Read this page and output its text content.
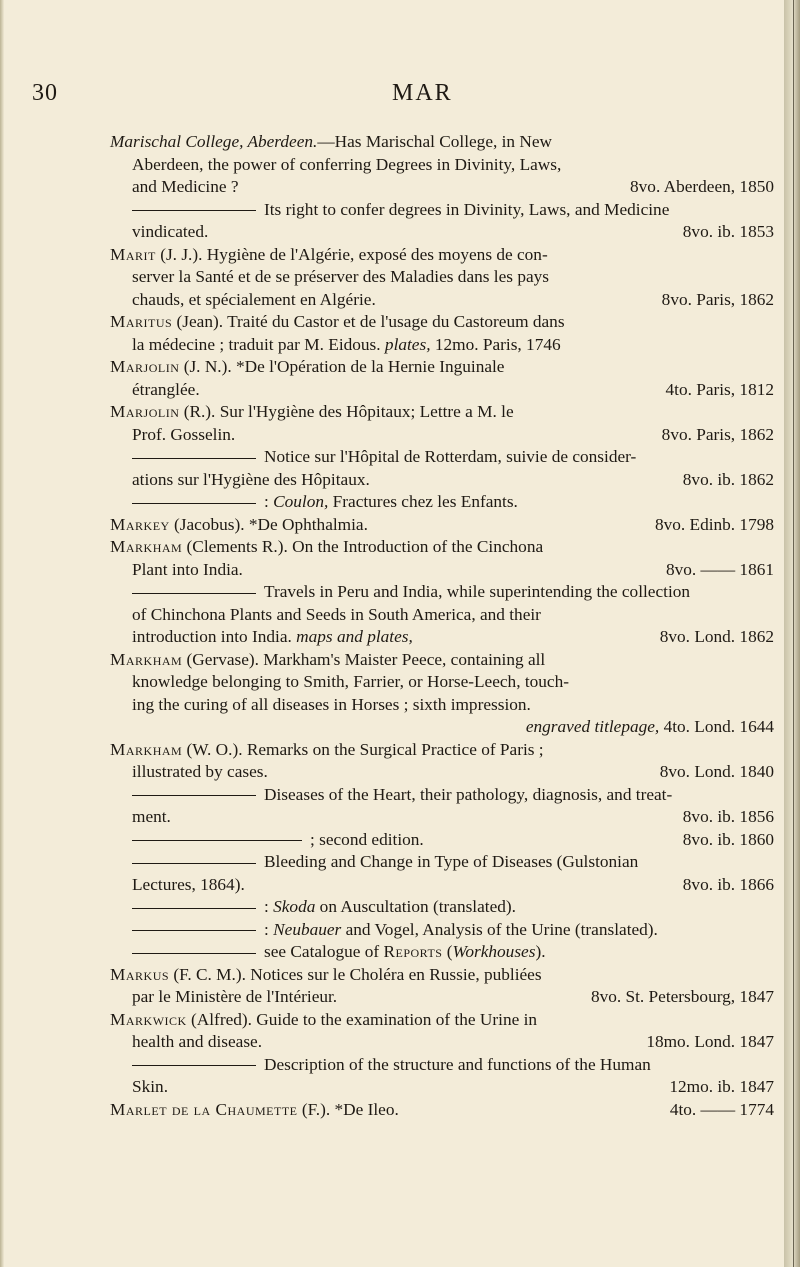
30	MAR
Marischal College, Aberdeen.—Has Marischal College, in New
Aberdeen, the power of conferring Degrees in Divinity, Laws,
and Medicine ?	8vo. Aberdeen, 1850
Its right to confer degrees in Divinity, Laws, and Medicine
vindicated.	8vo. ib. 1853
Marit (J. J.). Hygiène de l'Algérie, exposé des moyens de con-
server la Santé et de se préserver des Maladies dans les pays
chauds, et spécialement en Algérie.	8vo. Paris, 1862
Maritus (Jean). Traité du Castor et de l'usage du Castoreum dans
la médecine ; traduit par M. Eidous. plates, 12mo. Paris, 1746
Marjolin (J. N.). *De l'Opération de la Hernie Inguinale
étranglée.	4to. Paris, 1812
Marjolin (R.). Sur l'Hygiène des Hôpitaux; Lettre a M. le
Prof. Gosselin.	8vo. Paris, 1862
Notice sur l'Hôpital de Rotterdam, suivie de consider-
ations sur l'Hygiène des Hôpitaux.	8vo. ib. 1862
: Coulon, Fractures chez les Enfants.
Markey (Jacobus). *De Ophthalmia.	8vo. Edinb. 1798
Markham (Clements R.). On the Introduction of the Cinchona
Plant into India.	8vo. —— 1861
Travels in Peru and India, while superintending the collection
of Chinchona Plants and Seeds in South America, and their
introduction into India. maps and plates,	8vo. Lond. 1862
Markham (Gervase). Markham's Maister Peece, containing all
knowledge belonging to Smith, Farrier, or Horse-Leech, touch-
ing the curing of all diseases in Horses ; sixth impression.
engraved titlepage, 4to. Lond. 1644
Markham (W. O.). Remarks on the Surgical Practice of Paris ;
illustrated by cases.	8vo. Lond. 1840
Diseases of the Heart, their pathology, diagnosis, and treat-
ment.	8vo. ib. 1856
; second edition.	8vo. ib. 1860
Bleeding and Change in Type of Diseases (Gulstonian
Lectures, 1864).	8vo. ib. 1866
: Skoda on Auscultation (translated).
: Neubauer and Vogel, Analysis of the Urine (translated).
see Catalogue of Reports (Workhouses).
Markus (F. C. M.). Notices sur le Choléra en Russie, publiées
par le Ministère de l'Intérieur.	8vo. St. Petersbourg, 1847
Markwick (Alfred). Guide to the examination of the Urine in
health and disease.	18mo. Lond. 1847
Description of the structure and functions of the Human
Skin.	12mo. ib. 1847
Marlet de la Chaumette (F.). *De Ileo.	4to. —— 1774
